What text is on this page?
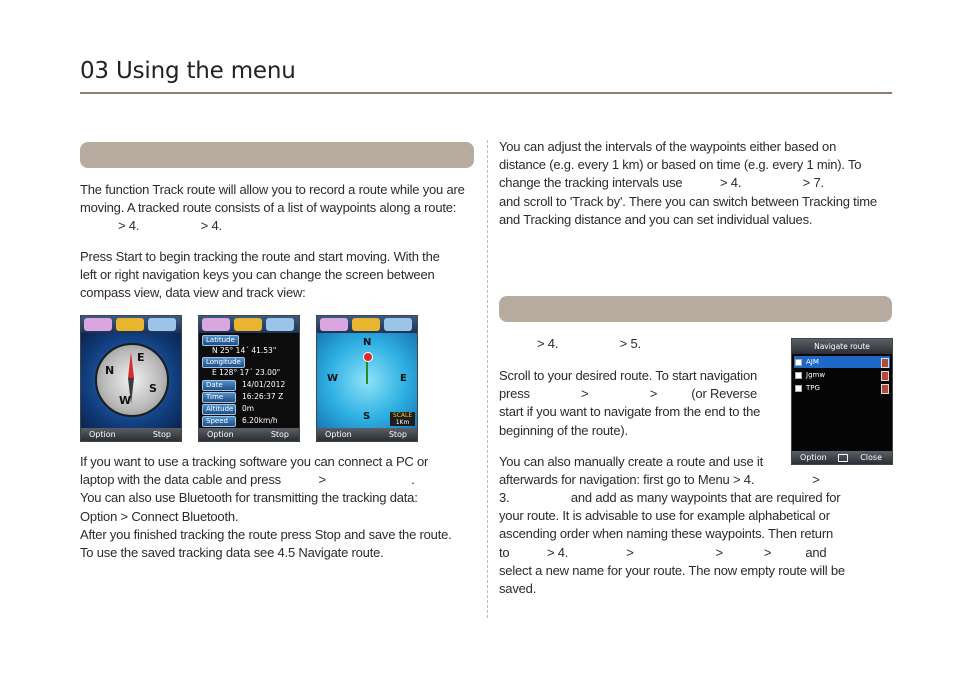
03 Using the menu

The function Track route will allow you to record a route while you are

moving. A tracked route consists of a list of waypoints along a route:

> 4.                  > 4.

Press Start to begin tracking the route and start moving. With the

left or right navigation keys you can change the screen between

compass view, data view and track view:

E
N
S
W
Option	Stop
Latitude
N 25° 14´ 41.53"
Longitude
E 128° 17´ 23.00"
Date	14/01/2012
Time	16:26:37 Z
Altitude 0m
Speed 6.20km/h
Option	Stop
N
W	E
S	SCALE
1Km
Option	Stop

If you want to use a tracking software you can connect a PC or

laptop with the data cable and press           >                         .

You can also use Bluetooth for transmitting the tracking data:

Option > Connect Bluetooth.

After you finished tracking the route press Stop and save the route.

To use the saved tracking data see 4.5 Navigate route.

You can adjust the intervals of the waypoints either based on

distance (e.g. every 1 km) or based on time (e.g. every 1 min). To

change the tracking intervals use           > 4.                  > 7.

and scroll to 'Track by'. There you can switch between Tracking time

and Tracking distance and you can set individual values.

> 4.                  > 5.

Scroll to your desired route. To start navigation

press               >                  >          (or Reverse

start if you want to navigate from the end to the

beginning of the route).

Navigate route
AJM
Jgmw
TPG
Option	Close

You can also manually create a route and use it

afterwards for navigation: first go to Menu > 4.                 >

3.                  and add as many waypoints that are required for

your route. It is advisable to use for example alphabetical or

ascending order when naming these waypoints. Then return

to           > 4.                 >                        >            >          and

select a new name for your route. The now empty route will be

saved.
